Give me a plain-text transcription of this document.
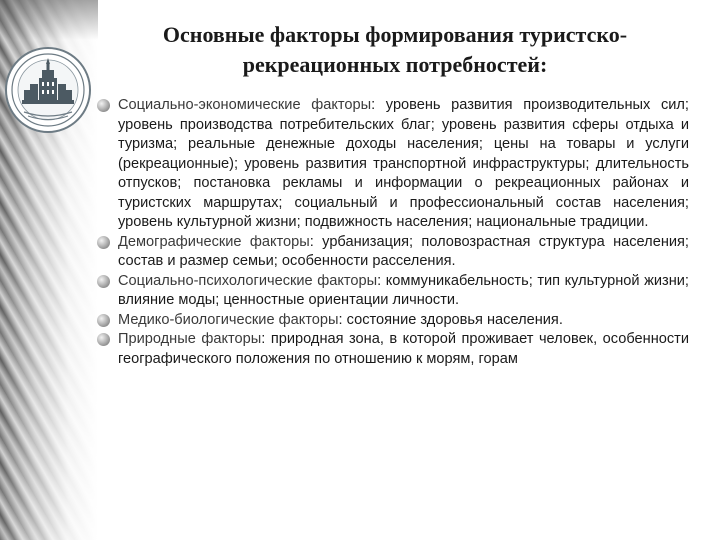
Основные факторы формирования туристско-
рекреационных потребностей:
Социально-экономические факторы: уровень развития производительных сил; уровень производства потребительских благ; уровень развития сферы отдыха и туризма; реальные денежные доходы населения; цены на товары и услуги (рекреационные); уровень развития транспортной инфраструктуры; длительность отпусков; постановка рекламы и информации о рекреационных районах и туристских маршрутах; социальный и профессиональный состав населения; уровень культурной жизни; подвижность населения; национальные традиции.
Демографические факторы: урбанизация; половозрастная структура населения; состав и размер семьи; особенности расселения.
Социально-психологические факторы: коммуникабельность; тип культурной жизни; влияние моды; ценностные ориентации личности.
Медико-биологические факторы: состояние здоровья населения.
Природные факторы: природная зона, в которой проживает человек, особенности географического положения по отношению к морям, горам
